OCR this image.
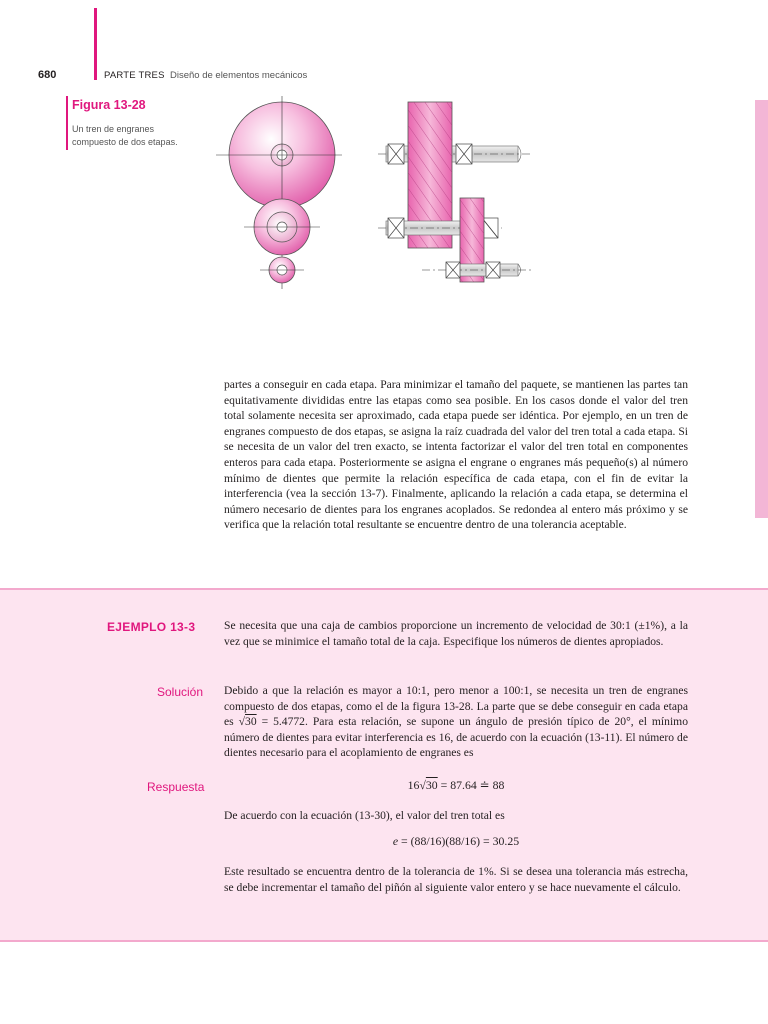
680	PARTE TRES Diseño de elementos mecánicos
Figura 13-28
Un tren de engranes compuesto de dos etapas.

partes a conseguir en cada etapa. Para minimizar el tamaño del paquete, se mantienen las partes tan equitativamente divididas entre las etapas como sea posible. En los casos donde el valor del tren total solamente necesita ser aproximado, cada etapa puede ser idéntica. Por ejemplo, en un tren de engranes compuesto de dos etapas, se asigna la raíz cuadrada del valor del tren total a cada etapa. Si se necesita de un valor del tren exacto, se intenta factorizar el valor del tren total en componentes enteros para cada etapa. Posteriormente se asigna el engrane o engranes más pequeño(s) al número mínimo de dientes que permite la relación específica de cada etapa, con el fin de evitar la interferencia (vea la sección 13-7). Finalmente, aplicando la relación a cada etapa, se determina el número necesario de dientes para los engranes acoplados. Se redondea al entero más próximo y se verifica que la relación total resultante se encuentre dentro de una tolerancia aceptable.

EJEMPLO 13-3 Se necesita que una caja de cambios proporcione un incremento de velocidad de 30:1 (±1%), a la vez que se minimice el tamaño total de la caja. Especifique los números de dientes apropiados.

Solución Debido a que la relación es mayor a 10:1, pero menor a 100:1, se necesita un tren de engranes compuesto de dos etapas, como el de la figura 13-28. La parte que se debe conseguir en cada etapa es √30 = 5.4772. Para esta relación, se supone un ángulo de presión típico de 20°, el mínimo número de dientes para evitar interferencia es 16, de acuerdo con la ecuación (13-11). El número de dientes necesario para el acoplamiento de engranes es

Respuesta	16√30 = 87.64 ≐ 88

De acuerdo con la ecuación (13-30), el valor del tren total es

e = (88/16)(88/16) = 30.25

Este resultado se encuentra dentro de la tolerancia de 1%. Si se desea una tolerancia más estrecha, se debe incrementar el tamaño del piñón al siguiente valor entero y se hace nuevamente el cálculo.
